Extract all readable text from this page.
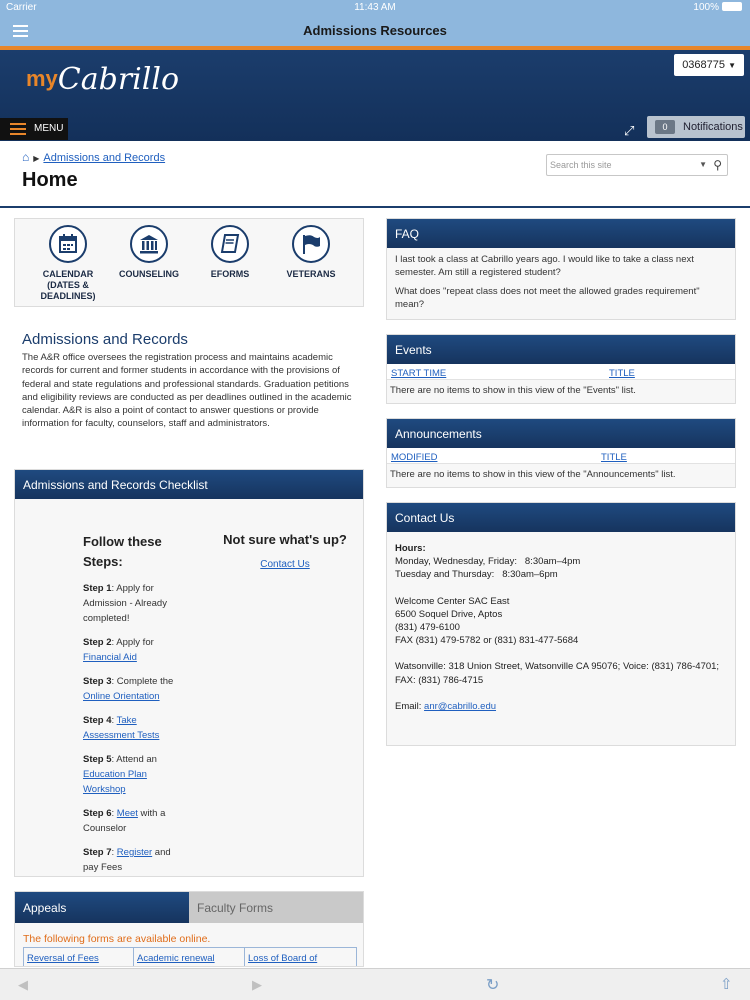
Carrier	11:43 AM	100%
Admissions Resources
myCabrillo	0368775 ▼
MENU	⤢	0	Notifications
⌂ ▶ Admissions and Records
Home
Search this site	▼ ⚲
CALENDAR (DATES & DEADLINES)
COUNSELING	EFORMS	VETERANS
Admissions and Records
The A&R office oversees the registration process and maintains academic records for current and former students in accordance with the provisions of federal and state regulations and professional standards. Graduation petitions and eligibility reviews are conducted as per deadlines outlined in the academic calendar. A&R is also a point of contact to answer questions or provide information for faculty, counselors, staff and administrators.
Admissions and Records Checklist
Follow these Steps:
Step 1: Apply for Admission - Already completed!
Step 2: Apply for Financial Aid
Step 3: Complete the Online Orientation
Step 4: Take Assessment Tests
Step 5: Attend an Education Plan Workshop
Step 6: Meet with a Counselor
Step 7: Register and pay Fees
Not sure what's up?
Contact Us
Appeals	Faculty Forms
The following forms are available online.
Reversal of Fees	Academic renewal	Loss of Board of
FAQ
I last took a class at Cabrillo years ago. I would like to take a class next semester. Am still a registered student?
What does "repeat class does not meet the allowed grades requirement" mean?
Events
START TIME	TITLE
There are no items to show in this view of the "Events" list.
Announcements
MODIFIED	TITLE
There are no items to show in this view of the "Announcements" list.
Contact Us
Hours:
Monday, Wednesday, Friday:   8:30am–4pm
Tuesday and Thursday:   8:30am–6pm
Welcome Center SAC East
6500 Soquel Drive, Aptos
(831) 479-6100
FAX (831) 479-5782 or (831) 831-477-5684
Watsonville: 318 Union Street, Watsonville CA 95076; Voice: (831) 786-4701; FAX: (831) 786-4715
Email: anr@cabrillo.edu
◀	▶	↻	⇧
